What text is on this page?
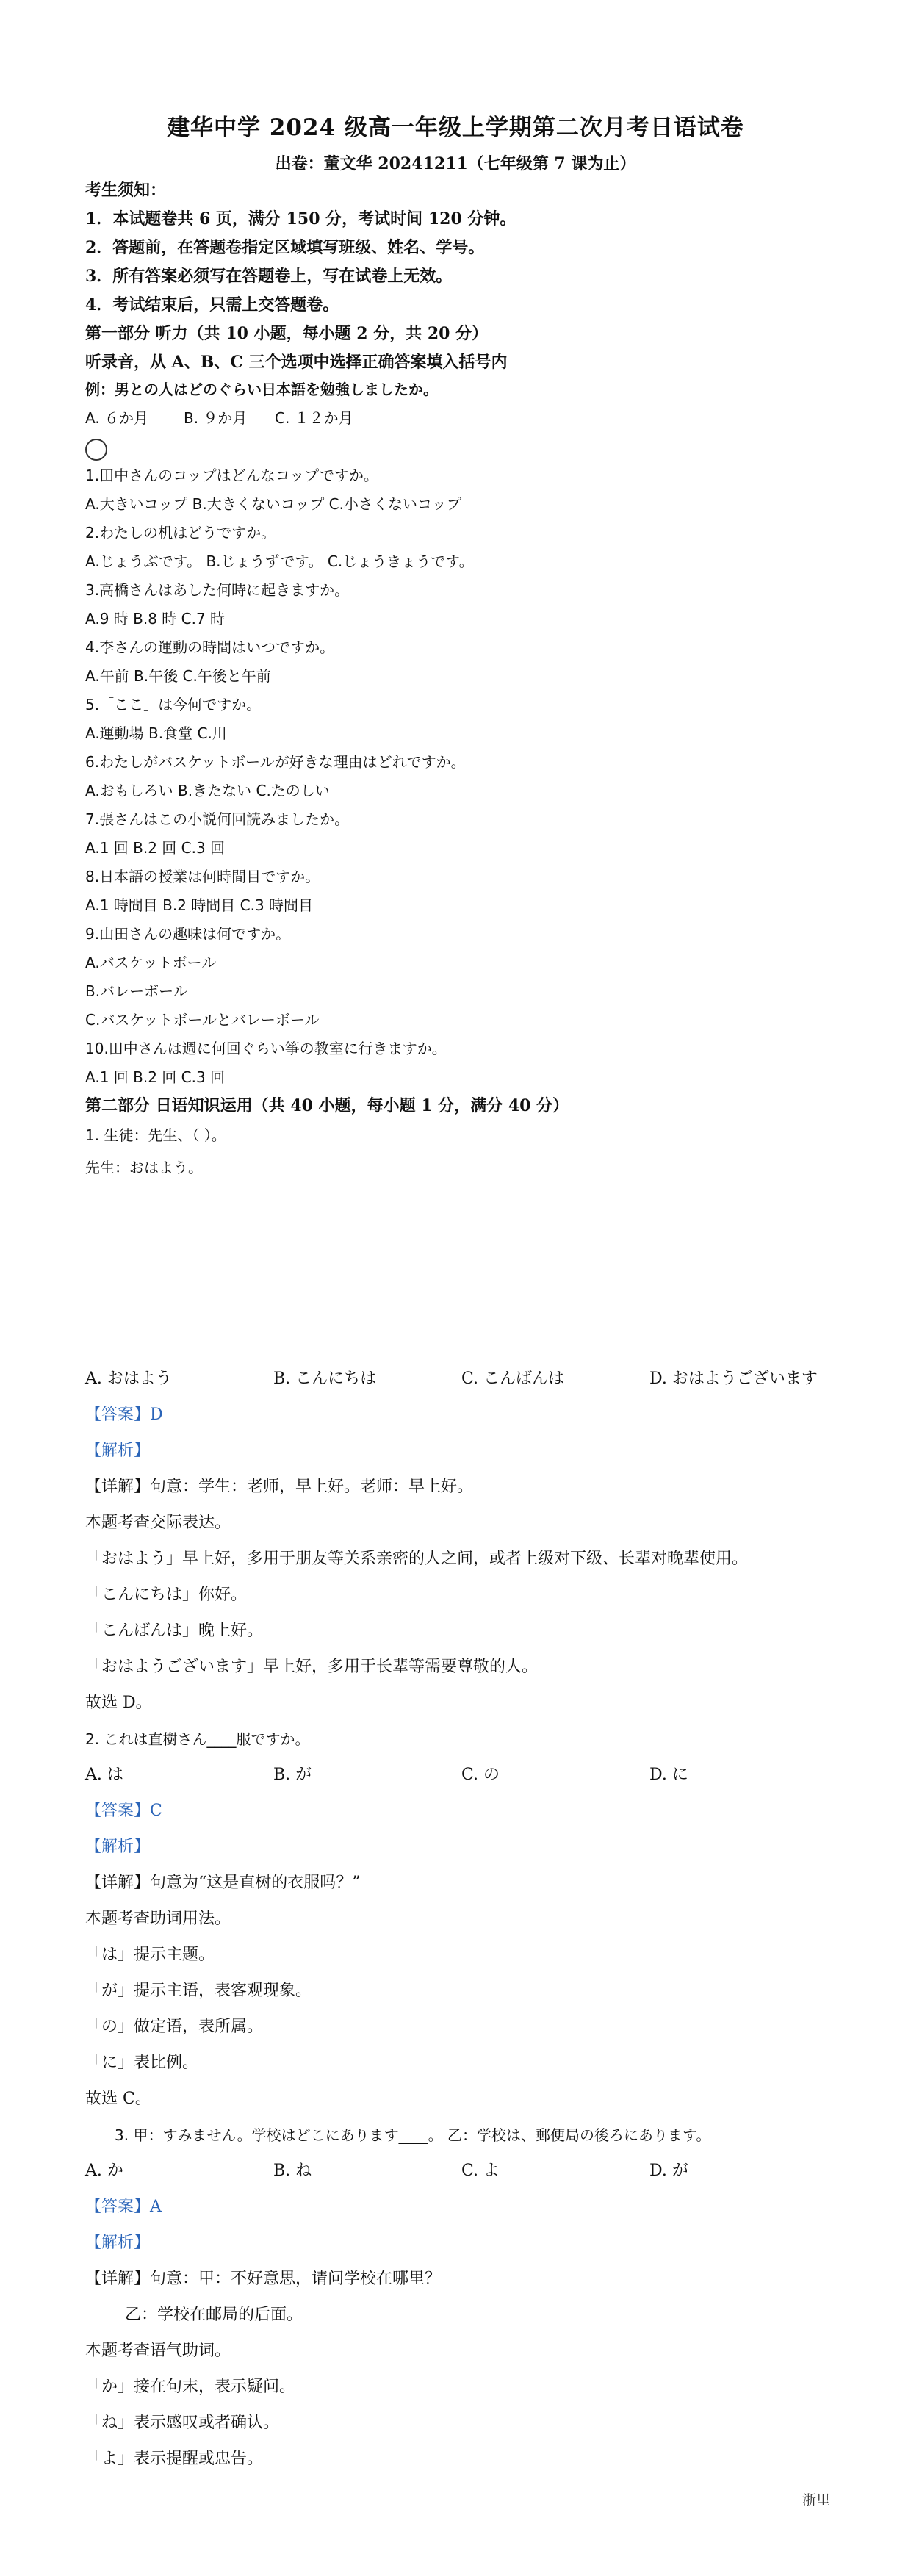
建华中学 2024 级高一年级上学期第二次月考日语试卷
出卷：董文华 20241211（七年级第 7 课为止）
考生须知：
1．本试题卷共 6 页，满分 150 分，考试时间 120 分钟。
2．答题前，在答题卷指定区域填写班级、姓名、学号。
3．所有答案必须写在答题卷上，写在试卷上无效。
4．考试结束后，只需上交答题卷。
第一部分 听力（共 10 小题，每小题 2 分，共 20 分）
听录音，从 A、B、C 三个选项中选择正确答案填入括号内
例：男との人はどのぐらい日本語を勉強しましたか。
A. ６か月 B. ９か月 C. １２か月
1.田中さんのコップはどんなコップですか。
A.大きいコップ B.大きくないコップ C.小さくないコップ
2.わたしの机はどうですか。
A.じょうぶです。 B.じょうずです。 C.じょうきょうです。
3.高橋さんはあした何時に起きますか。
A.9 時 B.8 時 C.7 時
4.李さんの運動の時間はいつですか。
A.午前 B.午後 C.午後と午前
5.「ここ」は今何ですか。
A.運動場 B.食堂 C.川
6.わたしがバスケットボールが好きな理由はどれですか。
A.おもしろい B.きたない C.たのしい
7.張さんはこの小説何回読みましたか。
A.1 回 B.2 回 C.3 回
8.日本語の授業は何時間目ですか。
A.1 時間目 B.2 時間目 C.3 時間目
9.山田さんの趣味は何ですか。
A.バスケットボール
B.バレーボール
C.バスケットボールとバレーボール
10.田中さんは週に何回ぐらい筝の教室に行きますか。
A.1 回 B.2 回 C.3 回
第二部分 日语知识运用（共 40 小题，每小题 1 分，满分 40 分）
1. 生徒：先生、（ ）。
先生：おはよう。
A. おはよう	B. こんにちは	C. こんばんは	D. おはようございます
【答案】D
【解析】
【详解】句意：学生：老师，早上好。老师：早上好。
本题考查交际表达。
「おはよう」早上好，多用于朋友等关系亲密的人之间，或者上级对下级、长辈对晚辈使用。
「こんにちは」你好。
「こんばんは」晚上好。
「おはようございます」早上好，多用于长辈等需要尊敬的人。
故选 D。
2. これは直樹さん____服ですか。
A. は	B. が	C. の	D. に
【答案】C
【解析】
【详解】句意为“这是直树的衣服吗？”
本题考查助词用法。
「は」提示主题。
「が」提示主语，表客观现象。
「の」做定语，表所属。
「に」表比例。
故选 C。
3. 甲：すみません。学校はどこにあります____。 乙：学校は、郵便局の後ろにあります。
A. か	B. ね	C. よ	D. が
【答案】A
【解析】
【详解】句意：甲：不好意思，请问学校在哪里？
乙：学校在邮局的后面。
本题考查语气助词。
「か」接在句末，表示疑问。
「ね」表示感叹或者确认。
「よ」表示提醒或忠告。
浙里
